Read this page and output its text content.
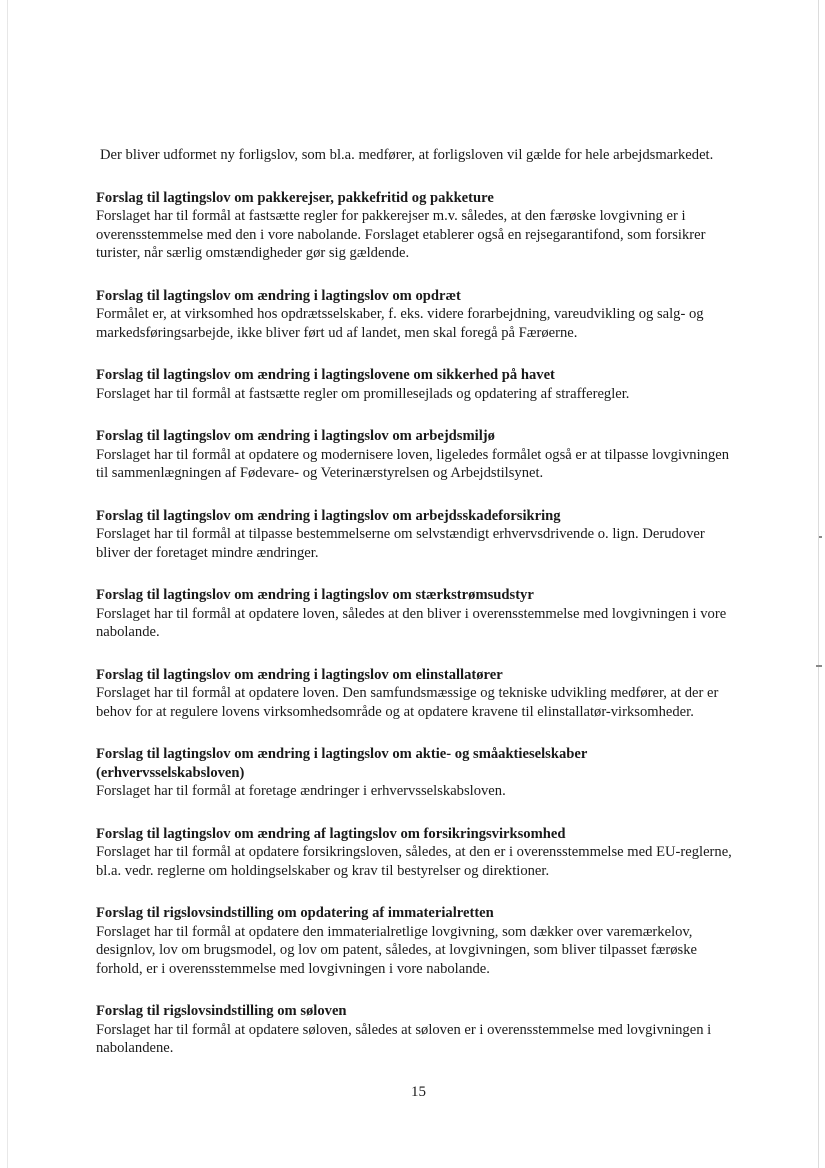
Der bliver udformet ny forligslov, som bl.a. medfører, at forligsloven vil gælde for hele arbejdsmarkedet.

Forslag til lagtingslov om pakkerejser, pakkefritid og pakketure

Forslaget har til formål at fastsætte regler for pakkerejser m.v. således, at den færøske lovgivning er i overensstemmelse med den i vore nabolande. Forslaget etablerer også en rejsegarantifond, som forsikrer turister, når særlig omstændigheder gør sig gældende.

Forslag til lagtingslov om ændring i lagtingslov om opdræt

Formålet er, at virksomhed hos opdrætsselskaber, f. eks. videre forarbejdning, vareudvikling og salg- og markedsføringsarbejde, ikke bliver ført ud af landet, men skal foregå på Færøerne.

Forslag til lagtingslov om ændring i lagtingslovene om sikkerhed på havet

Forslaget har til formål at fastsætte regler om promillesejlads og opdatering af strafferegler.

Forslag til lagtingslov om ændring i lagtingslov om arbejdsmiljø

Forslaget har til formål at opdatere og modernisere loven, ligeledes formålet også er at tilpasse lovgivningen til sammenlægningen af Fødevare- og Veterinærstyrelsen og Arbejdstilsynet.

Forslag til lagtingslov om ændring i lagtingslov om arbejdsskadeforsikring

Forslaget har til formål at tilpasse bestemmelserne om selvstændigt erhvervsdrivende o. lign. Derudover bliver der foretaget mindre ændringer.

Forslag til lagtingslov om ændring i lagtingslov om stærkstrømsudstyr

Forslaget har til formål at opdatere loven, således at den bliver i overensstemmelse med lovgivningen i vore nabolande.

Forslag til lagtingslov om ændring i lagtingslov om elinstallatører

Forslaget har til formål at opdatere loven. Den samfundsmæssige og tekniske udvikling medfører, at der er behov for at regulere lovens virksomhedsområde og at opdatere kravene til elinstallatør-virksomheder.

Forslag til lagtingslov om ændring i lagtingslov om aktie- og småaktieselskaber (erhvervsselskabsloven)

Forslaget har til formål at foretage ændringer i erhvervsselskabsloven.

Forslag til lagtingslov om ændring af lagtingslov om forsikringsvirksomhed

Forslaget har til formål at opdatere forsikringsloven, således, at den er i overensstemmelse med EU-reglerne, bl.a. vedr. reglerne om holdingselskaber og krav til bestyrelser og direktioner.

Forslag til rigslovsindstilling om opdatering af immaterialretten

Forslaget har til formål at opdatere den immaterialretlige lovgivning, som dækker over varemærkelov, designlov, lov om brugsmodel, og lov om patent, således, at lovgivningen, som bliver tilpasset færøske forhold, er i overensstemmelse med lovgivningen i vore nabolande.

Forslag til rigslovsindstilling om søloven

Forslaget har til formål at opdatere søloven, således at søloven er i overensstemmelse med lovgivningen i nabolandene.

15
